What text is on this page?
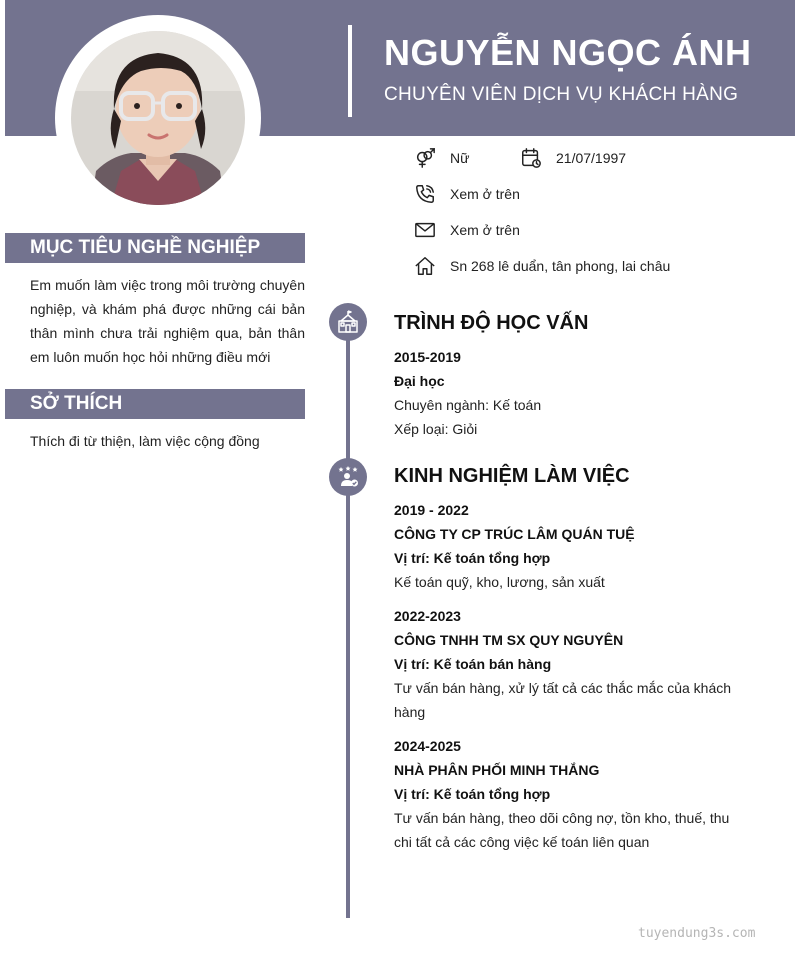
NGUYỄN NGỌC ÁNH
CHUYÊN VIÊN DỊCH VỤ KHÁCH HÀNG
Nữ	21/07/1997
Xem ở trên
Xem ở trên
Sn 268 lê duẩn, tân phong, lai châu
MỤC TIÊU NGHỀ NGHIỆP
Em muốn làm việc trong môi trường chuyên nghiệp, và khám phá được những cái bản thân mình chưa trải nghiệm qua, bản thân em luôn muốn học hỏi những điều mới
SỞ THÍCH
Thích đi từ thiện, làm việc cộng đồng
TRÌNH ĐỘ HỌC VẤN
2015-2019
Đại học
Chuyên ngành: Kế toán
Xếp loại: Giỏi
KINH NGHIỆM LÀM VIỆC
2019 - 2022
CÔNG TY CP TRÚC LÂM QUÁN TUỆ
Vị trí: Kế toán tổng hợp
Kế toán quỹ, kho, lương, sản xuất
2022-2023
CÔNG TNHH TM SX QUY NGUYÊN
Vị trí: Kế toán bán hàng
Tư vấn bán hàng, xử lý tất cả các thắc mắc của khách hàng
2024-2025
NHÀ PHÂN PHỐI MINH THẮNG
Vị trí: Kế toán tổng hợp
Tư vấn bán hàng, theo dõi công nợ, tồn kho, thuế, thu chi tất cả các công việc kế toán liên quan
tuyendung3s.com
